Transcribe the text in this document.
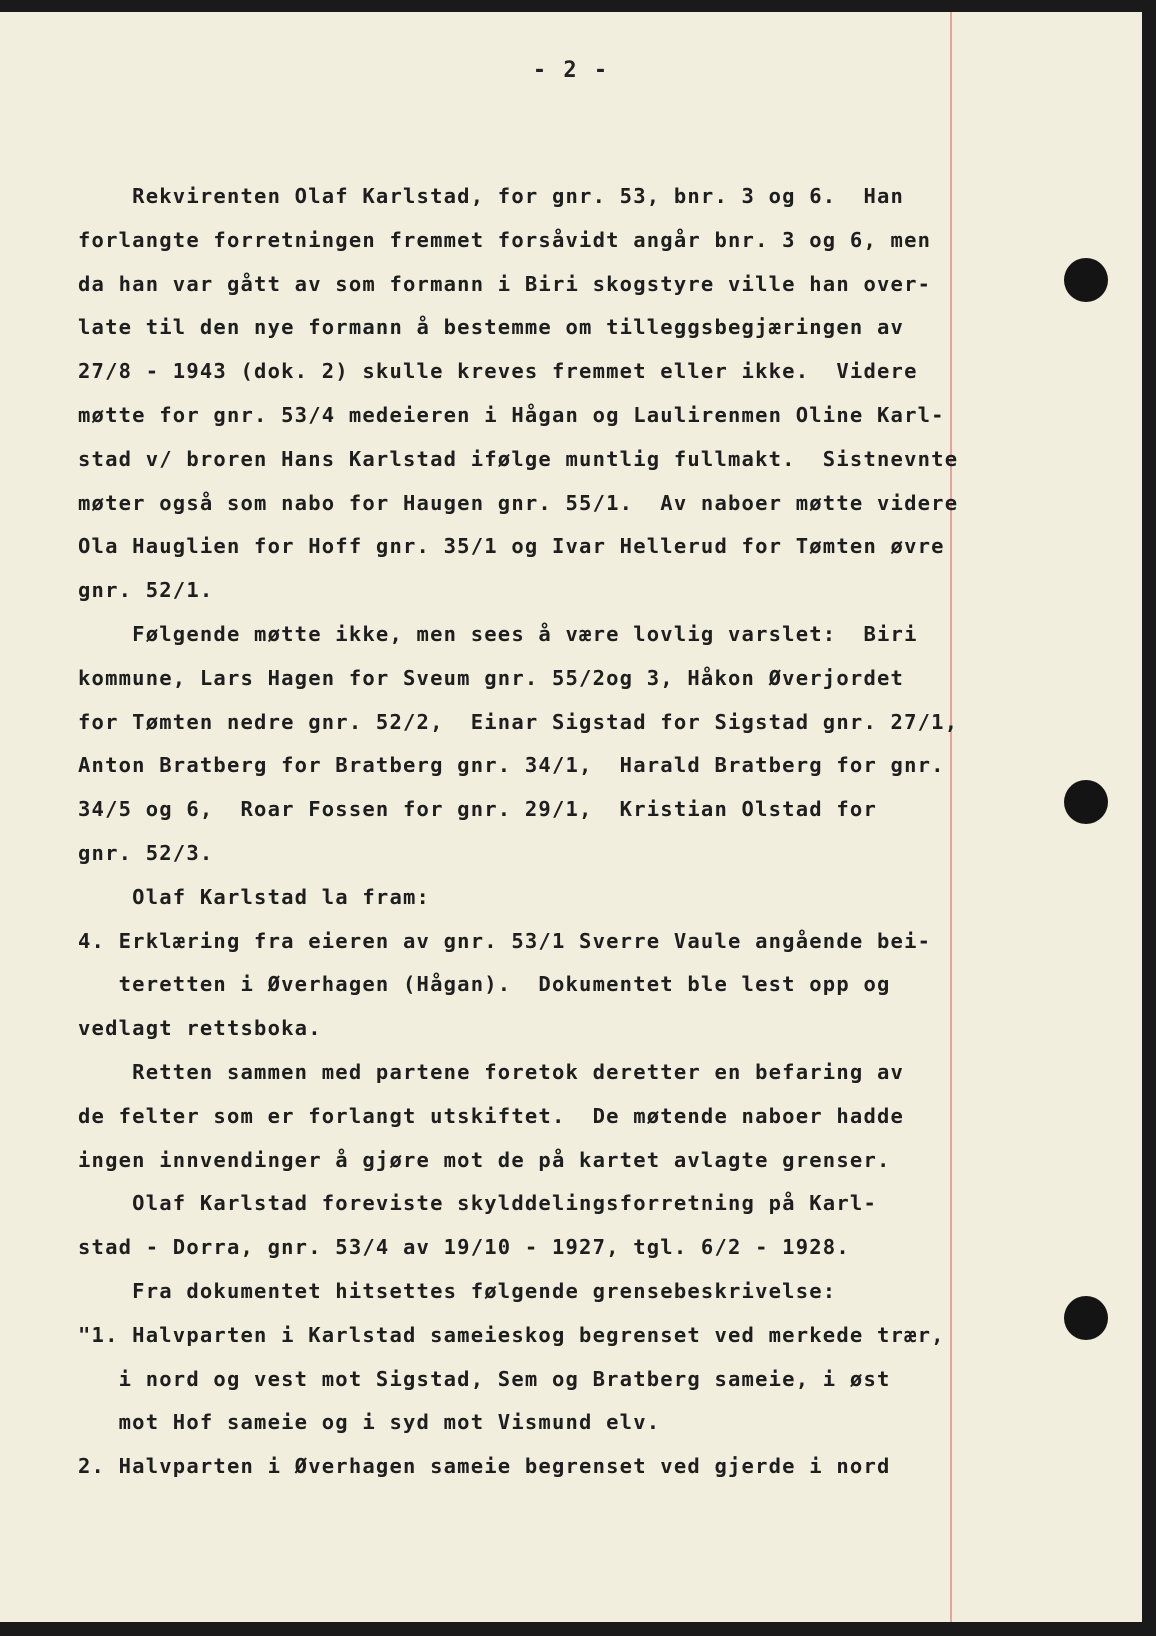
- 2 -
Rekvirenten Olaf Karlstad, for gnr. 53, bnr. 3 og 6.  Han
forlangte forretningen fremmet forsåvidt angår bnr. 3 og 6, men
da han var gått av som formann i Biri skogstyre ville han over-
late til den nye formann å bestemme om tilleggsbegjæringen av
27/8 - 1943 (dok. 2) skulle kreves fremmet eller ikke.  Videre
møtte for gnr. 53/4 medeieren i Hågan og Laulirenmen Oline Karl-
stad v/ broren Hans Karlstad ifølge muntlig fullmakt.  Sistnevnte
møter også som nabo for Haugen gnr. 55/1.  Av naboer møtte videre
Ola Hauglien for Hoff gnr. 35/1 og Ivar Hellerud for Tømten øvre
gnr. 52/1.
Følgende møtte ikke, men sees å være lovlig varslet:  Biri
kommune, Lars Hagen for Sveum gnr. 55/2og 3, Håkon Øverjordet
for Tømten nedre gnr. 52/2,  Einar Sigstad for Sigstad gnr. 27/1,
Anton Bratberg for Bratberg gnr. 34/1,  Harald Bratberg for gnr.
34/5 og 6,  Roar Fossen for gnr. 29/1,  Kristian Olstad for
gnr. 52/3.
Olaf Karlstad la fram:
4. Erklæring fra eieren av gnr. 53/1 Sverre Vaule angående bei-
teretten i Øverhagen (Hågan).  Dokumentet ble lest opp og
vedlagt rettsboka.
Retten sammen med partene foretok deretter en befaring av
de felter som er forlangt utskiftet.  De møtende naboer hadde
ingen innvendinger å gjøre mot de på kartet avlagte grenser.
Olaf Karlstad foreviste skylddelingsforretning på Karl-
stad - Dorra, gnr. 53/4 av 19/10 - 1927, tgl. 6/2 - 1928.
Fra dokumentet hitsettes følgende grensebeskrivelse:
"1. Halvparten i Karlstad sameieskog begrenset ved merkede trær,
i nord og vest mot Sigstad, Sem og Bratberg sameie, i øst
mot Hof sameie og i syd mot Vismund elv.
2. Halvparten i Øverhagen sameie begrenset ved gjerde i nord
